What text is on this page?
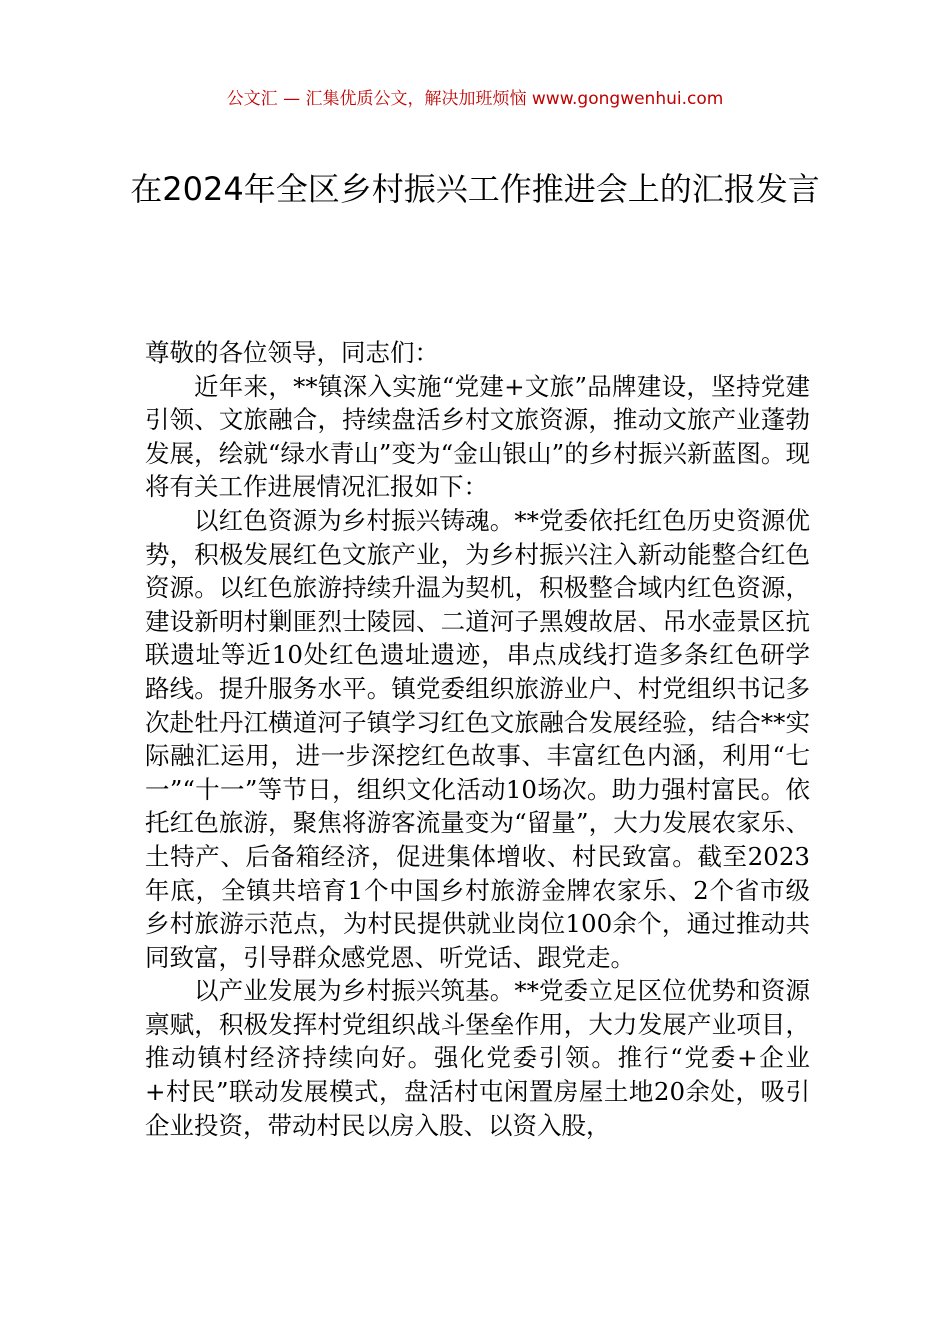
公文汇 — 汇集优质公文，解决加班烦恼 www.gongwenhui.com
在2024年全区乡村振兴工作推进会上的汇报发言

尊敬的各位领导，同志们：

近年来，**镇深入实施“党建+文旅”品牌建设，坚持党建引领、文旅融合，持续盘活乡村文旅资源，推动文旅产业蓬勃发展，绘就“绿水青山”变为“金山银山”的乡村振兴新蓝图。现将有关工作进展情况汇报如下：

以红色资源为乡村振兴铸魂。**党委依托红色历史资源优势，积极发展红色文旅产业，为乡村振兴注入新动能整合红色资源。以红色旅游持续升温为契机，积极整合域内红色资源，建设新明村剿匪烈士陵园、二道河子黑嫂故居、吊水壶景区抗联遗址等近10处红色遗址遗迹，串点成线打造多条红色研学路线。提升服务水平。镇党委组织旅游业户、村党组织书记多次赴牡丹江横道河子镇学习红色文旅融合发展经验，结合**实际融汇运用，进一步深挖红色故事、丰富红色内涵，利用“七一”“十一”等节日，组织文化活动10场次。助力强村富民。依托红色旅游，聚焦将游客流量变为“留量”，大力发展农家乐、土特产、后备箱经济，促进集体增收、村民致富。截至2023年底，全镇共培育1个中国乡村旅游金牌农家乐、2个省市级乡村旅游示范点，为村民提供就业岗位100余个，通过推动共同致富，引导群众感党恩、听党话、跟党走。

以产业发展为乡村振兴筑基。**党委立足区位优势和资源禀赋，积极发挥村党组织战斗堡垒作用，大力发展产业项目，推动镇村经济持续向好。强化党委引领。推行“党委+企业+村民”联动发展模式，盘活村屯闲置房屋土地20余处，吸引企业投资，带动村民以房入股、以资入股，
